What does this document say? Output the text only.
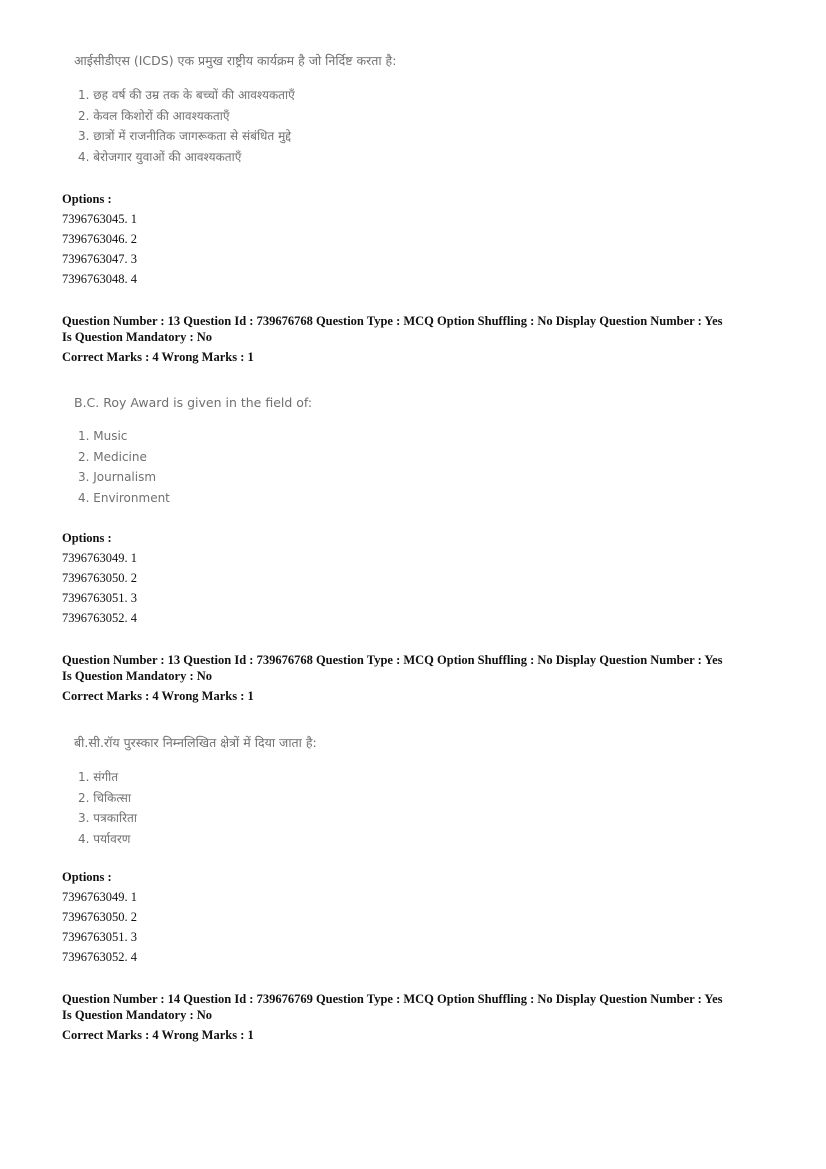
आईसीडीएस (ICDS) एक प्रमुख राष्ट्रीय कार्यक्रम है जो निर्दिष्ट करता है:
1. छह वर्ष की उम्र तक के बच्चों की आवश्यकताएँ
2. केवल किशोरों की आवश्यकताएँ
3. छात्रों में राजनीतिक जागरूकता से संबंधित मुद्दे
4. बेरोजगार युवाओं की आवश्यकताएँ
Options :
7396763045. 1
7396763046. 2
7396763047. 3
7396763048. 4
Question Number : 13 Question Id : 739676768 Question Type : MCQ Option Shuffling : No Display Question Number : Yes
Is Question Mandatory : No
Correct Marks : 4 Wrong Marks : 1
B.C. Roy Award is given in the field of:
1. Music
2. Medicine
3. Journalism
4. Environment
Options :
7396763049. 1
7396763050. 2
7396763051. 3
7396763052. 4
Question Number : 13 Question Id : 739676768 Question Type : MCQ Option Shuffling : No Display Question Number : Yes
Is Question Mandatory : No
Correct Marks : 4 Wrong Marks : 1
बी.सी.रॉय पुरस्कार निम्नलिखित क्षेत्रों में दिया जाता है:
1. संगीत
2. चिकित्सा
3. पत्रकारिता
4. पर्यावरण
Options :
7396763049. 1
7396763050. 2
7396763051. 3
7396763052. 4
Question Number : 14 Question Id : 739676769 Question Type : MCQ Option Shuffling : No Display Question Number : Yes
Is Question Mandatory : No
Correct Marks : 4 Wrong Marks : 1
